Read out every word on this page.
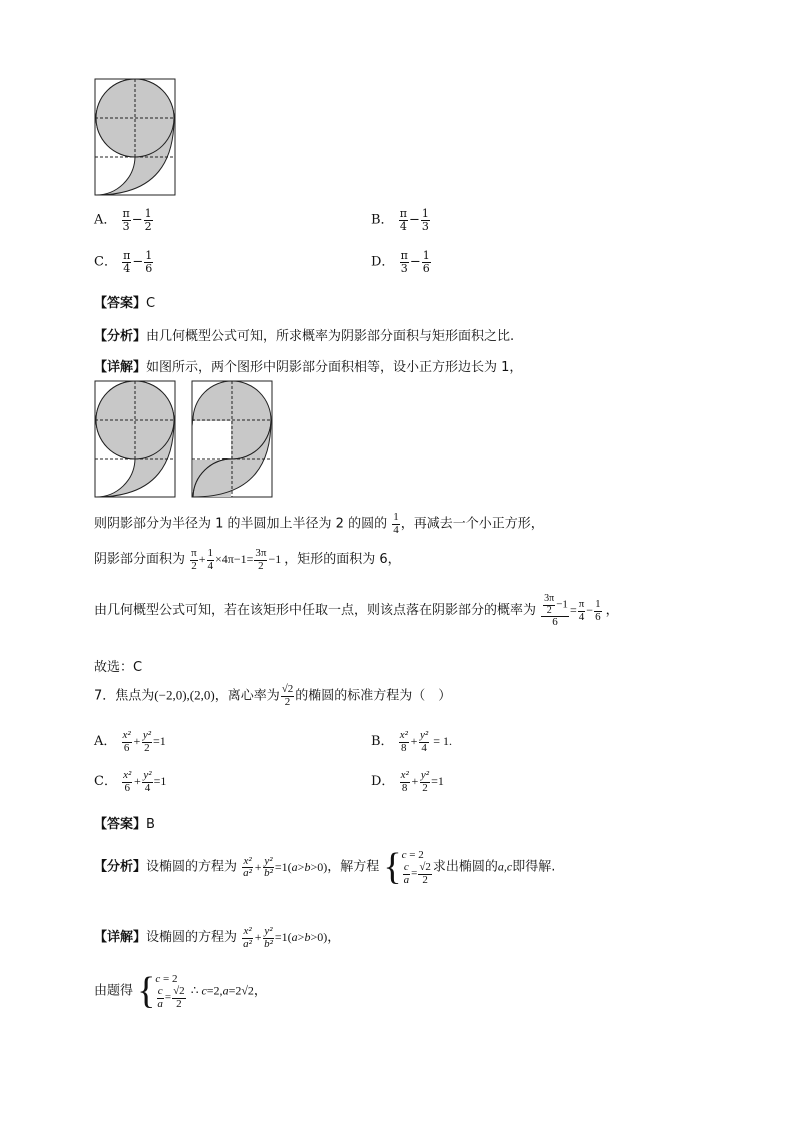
A． $\frac{\pi}{3} - \frac{1}{2}$	B． $\frac{\pi}{4} - \frac{1}{3}$
C． $\frac{\pi}{4} - \frac{1}{6}$	D． $\frac{\pi}{3} - \frac{1}{6}$
【答案】C
【分析】由几何概型公式可知，所求概率为阴影部分面积与矩形面积之比.
【详解】如图所示，两个图形中阴影部分面积相等，设小正方形边长为 1，
则阴影部分为半径为 1 的半圆加上半径为 2 的圆的 $\frac{1}{4}$ ，再减去一个小正方形，
阴影部分面积为 $\frac{\pi}{2} + \frac{1}{4} \times 4\pi-1= \frac{3\pi}{2} -1$ ，矩形的面积为 6，
由几何概型公式可知，若在该矩形中任取一点，则该点落在阴影部分的概率为 $\frac{\frac{3\pi}{2} -1}{6} = \frac{\pi}{4} - \frac{1}{6}$ ，
故选：C
7．焦点为(−2,0),(2,0)，离心率为 $\frac{√2}{2}$ 的椭圆的标准方程为（　）
A． $\frac{\text{x²}}{6} + \frac{\text{y²}}{2} =1$	B． $\frac{\text{x²}}{8} + \frac{\text{y²}}{4} = 1$.
C． $\frac{\text{x²}}{6} + \frac{\text{y²}}{4} =1$	D． $\frac{\text{x²}}{8} + \frac{\text{y²}}{2} =1$
【答案】B
【分析】设椭圆的方程为 $\frac{\text{x²}}{\text{a²}} + \frac{\text{y²}}{\text{b²}} =1(a>b>0)$，解方程 { c = 2
$\frac{c}{a} = \frac{√2}{2}$ 求出椭圆的a,c即得解.
【详解】设椭圆的方程为 $\frac{\text{x²}}{\text{a²}} + \frac{\text{y²}}{\text{b²}} =1(a>b>0)$，
由题得 { c = 2
$\frac{c}{a} = \frac{√2}{2}$ ∴ c=2,a=2√2，
